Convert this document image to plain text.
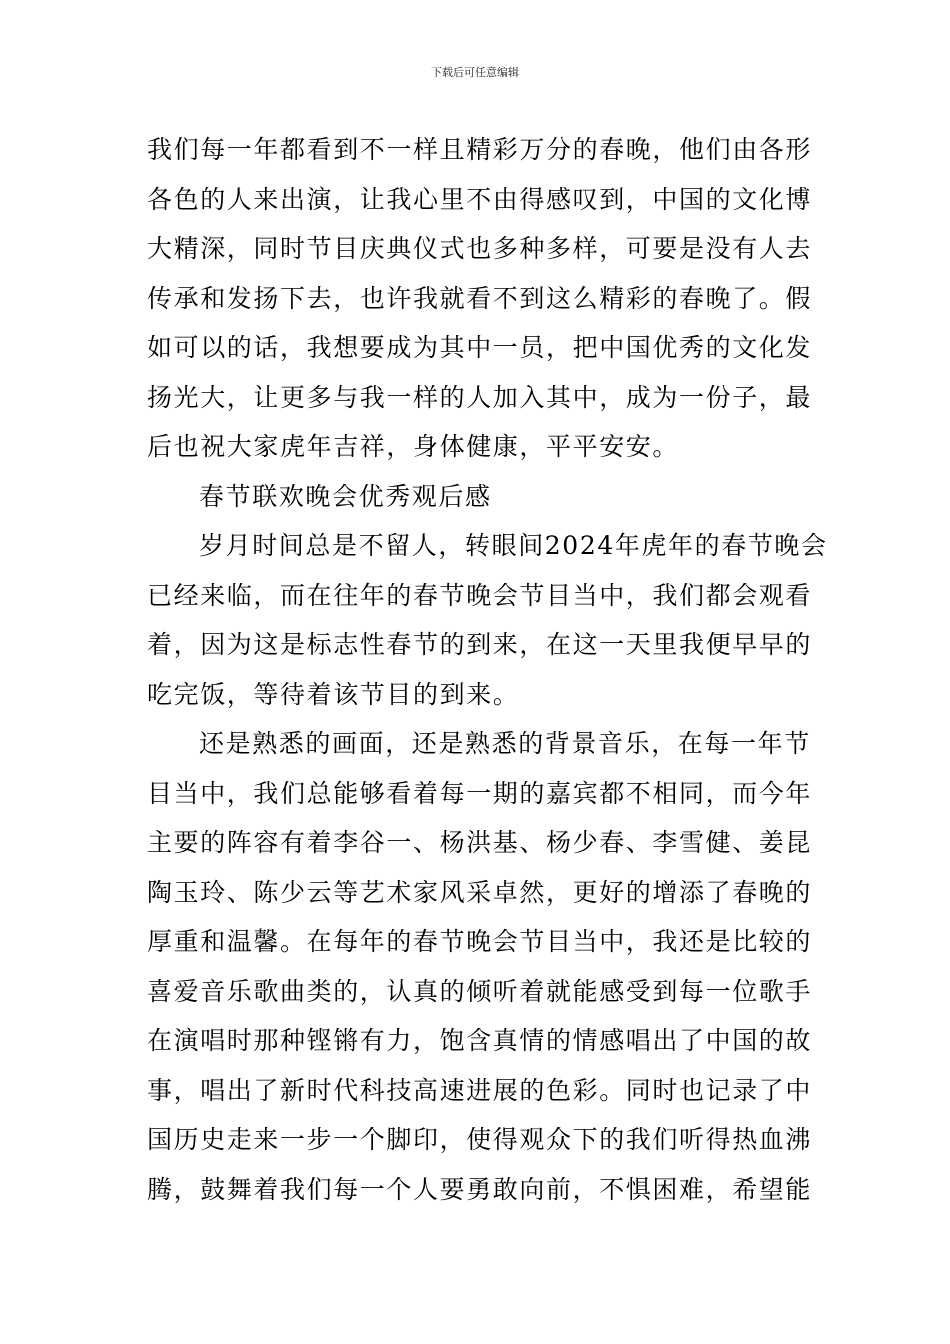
下载后可任意编辑
我们每一年都看到不一样且精彩万分的春晚，他们由各形
各色的人来出演，让我心里不由得感叹到，中国的文化博
大精深，同时节目庆典仪式也多种多样，可要是没有人去
传承和发扬下去，也许我就看不到这么精彩的春晚了。假
如可以的话，我想要成为其中一员，把中国优秀的文化发
扬光大，让更多与我一样的人加入其中，成为一份子，最
后也祝大家虎年吉祥，身体健康，平平安安。
春节联欢晚会优秀观后感
岁月时间总是不留人，转眼间2024年虎年的春节晚会
已经来临，而在往年的春节晚会节目当中，我们都会观看
着，因为这是标志性春节的到来，在这一天里我便早早的
吃完饭，等待着该节目的到来。
还是熟悉的画面，还是熟悉的背景音乐，在每一年节
目当中，我们总能够看着每一期的嘉宾都不相同，而今年
主要的阵容有着李谷一、杨洪基、杨少春、李雪健、姜昆
陶玉玲、陈少云等艺术家风采卓然，更好的增添了春晚的
厚重和温馨。在每年的春节晚会节目当中，我还是比较的
喜爱音乐歌曲类的，认真的倾听着就能感受到每一位歌手
在演唱时那种铿锵有力，饱含真情的情感唱出了中国的故
事，唱出了新时代科技高速进展的色彩。同时也记录了中
国历史走来一步一个脚印，使得观众下的我们听得热血沸
腾，鼓舞着我们每一个人要勇敢向前，不惧困难，希望能
